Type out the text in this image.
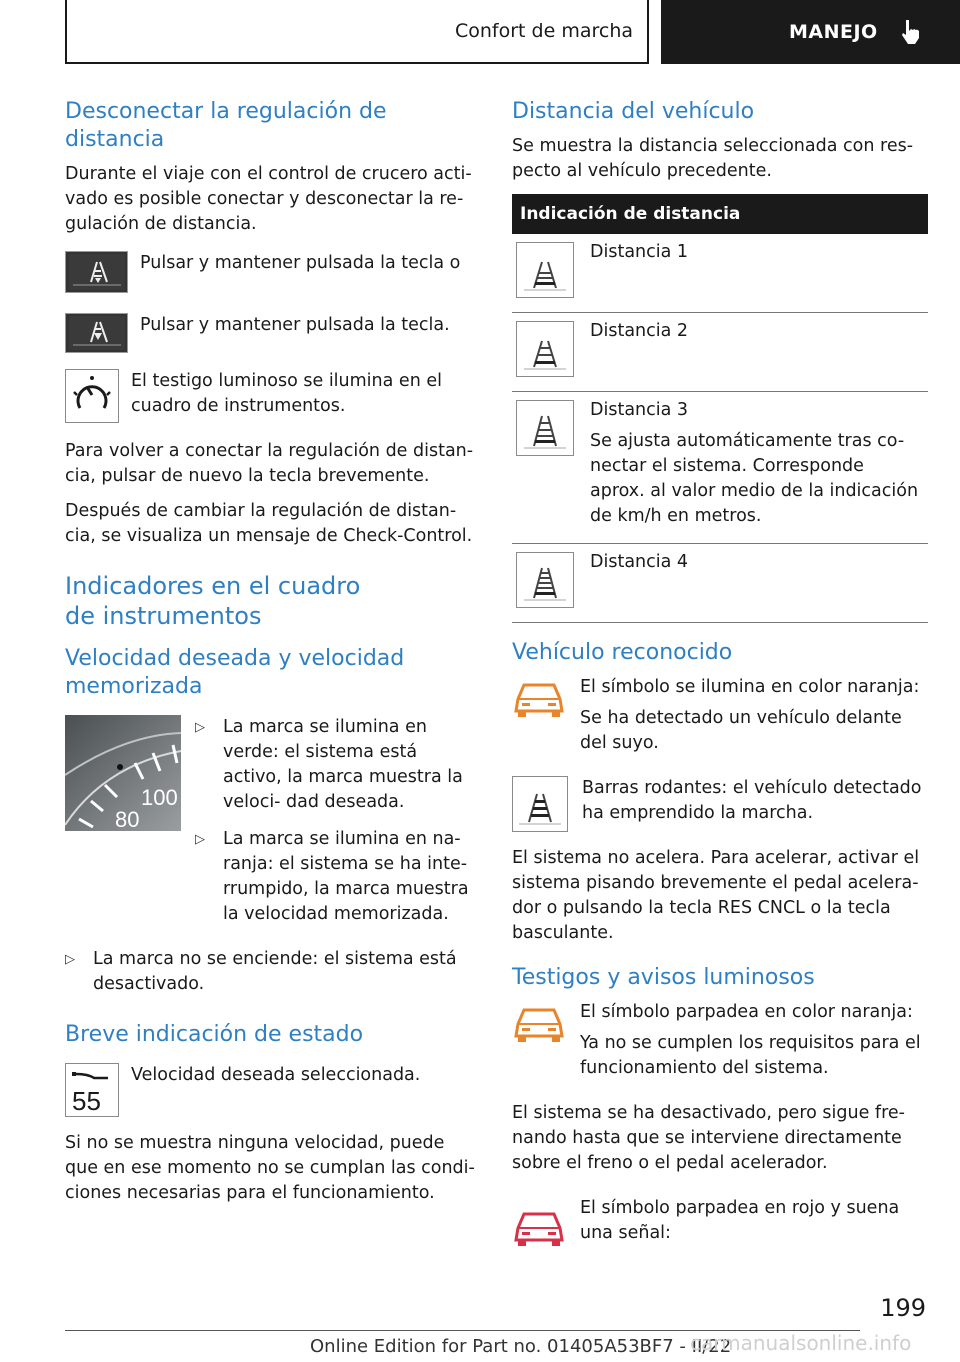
Confort de marcha	MANEJO
Desconectar la regulación de distancia

Durante el viaje con el control de crucero acti- vado es posible conectar y desconectar la re- gulación de distancia.

Pulsar y mantener pulsada la tecla o

Pulsar y mantener pulsada la tecla.

El testigo luminoso se ilumina en el cuadro de instrumentos.

Para volver a conectar la regulación de distan- cia, pulsar de nuevo la tecla brevemente.

Después de cambiar la regulación de distan- cia, se visualiza un mensaje de Check-Control.

Indicadores en el cuadro de instrumentos
Velocidad deseada y velocidad memorizada
100
80
▷ La marca se ilumina en verde: el sistema está activo, la marca muestra la veloci- dad deseada.
▷ La marca se ilumina en na- ranja: el sistema se ha inte- rrumpido, la marca muestra la velocidad memorizada.
▷ La marca no se enciende: el sistema está desactivado.
Breve indicación de estado
55

Velocidad deseada seleccionada.

Si no se muestra ninguna velocidad, puede que en ese momento no se cumplan las condi- ciones necesarias para el funcionamiento.

Distancia del vehículo

Se muestra la distancia seleccionada con res- pecto al vehículo precedente.

Indicación de distancia	

Distancia 1

Distancia 2

Distancia 3
Se ajusta automáticamente tras co- nectar el sistema. Corresponde aprox. al valor medio de la indicación de km/h en metros.

Distancia 4
Vehículo reconocido

El símbolo se ilumina en color naranja:

Se ha detectado un vehículo delante del suyo.

Barras rodantes: el vehículo detectado ha emprendido la marcha.

El sistema no acelera. Para acelerar, activar el sistema pisando brevemente el pedal acelera- dor o pulsando la tecla RES CNCL o la tecla basculante.

Testigos y avisos luminosos

El símbolo parpadea en color naranja:

Ya no se cumplen los requisitos para el funcionamiento del sistema.

El sistema se ha desactivado, pero sigue fre- nando hasta que se interviene directamente sobre el freno o el pedal acelerador.

El símbolo parpadea en rojo y suena una señal:

199
Online Edition for Part no. 01405A53BF7 - II/22
carmanualsonline.info
